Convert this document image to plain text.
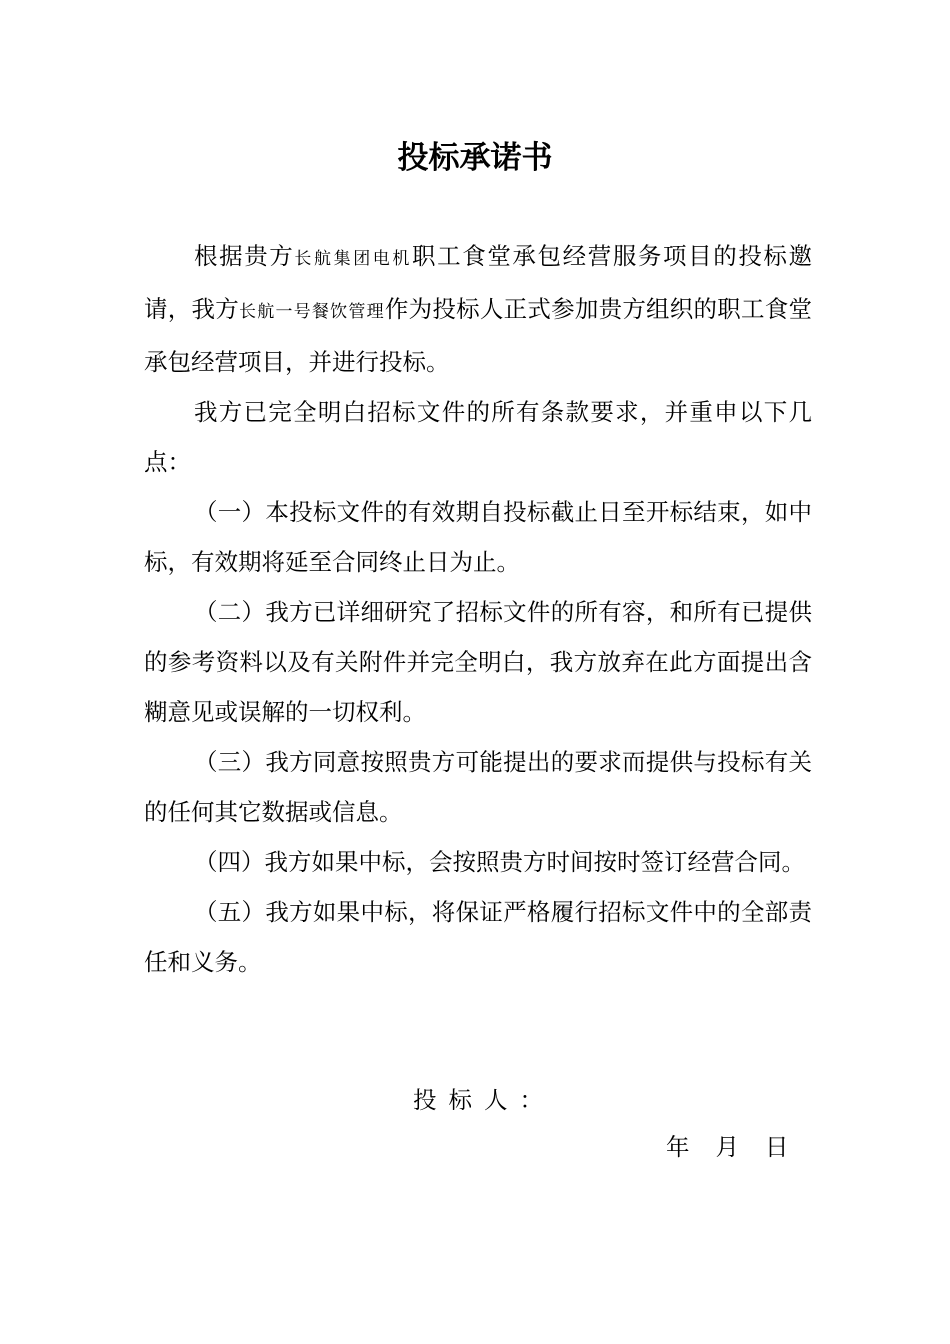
投标承诺书

根据贵方长航集团电机职工食堂承包经营服务项目的投标邀请，我方长航一号餐饮管理作为投标人正式参加贵方组织的职工食堂承包经营项目，并进行投标。

我方已完全明白招标文件的所有条款要求，并重申以下几点：

（一）本投标文件的有效期自投标截止日至开标结束，如中标，有效期将延至合同终止日为止。

（二）我方已详细研究了招标文件的所有容，和所有已提供的参考资料以及有关附件并完全明白，我方放弃在此方面提出含糊意见或误解的一切权利。

（三）我方同意按照贵方可能提出的要求而提供与投标有关的任何其它数据或信息。

（四）我方如果中标，会按照贵方时间按时签订经营合同。

（五）我方如果中标，将保证严格履行招标文件中的全部责任和义务。

投标人：
年 月 日
